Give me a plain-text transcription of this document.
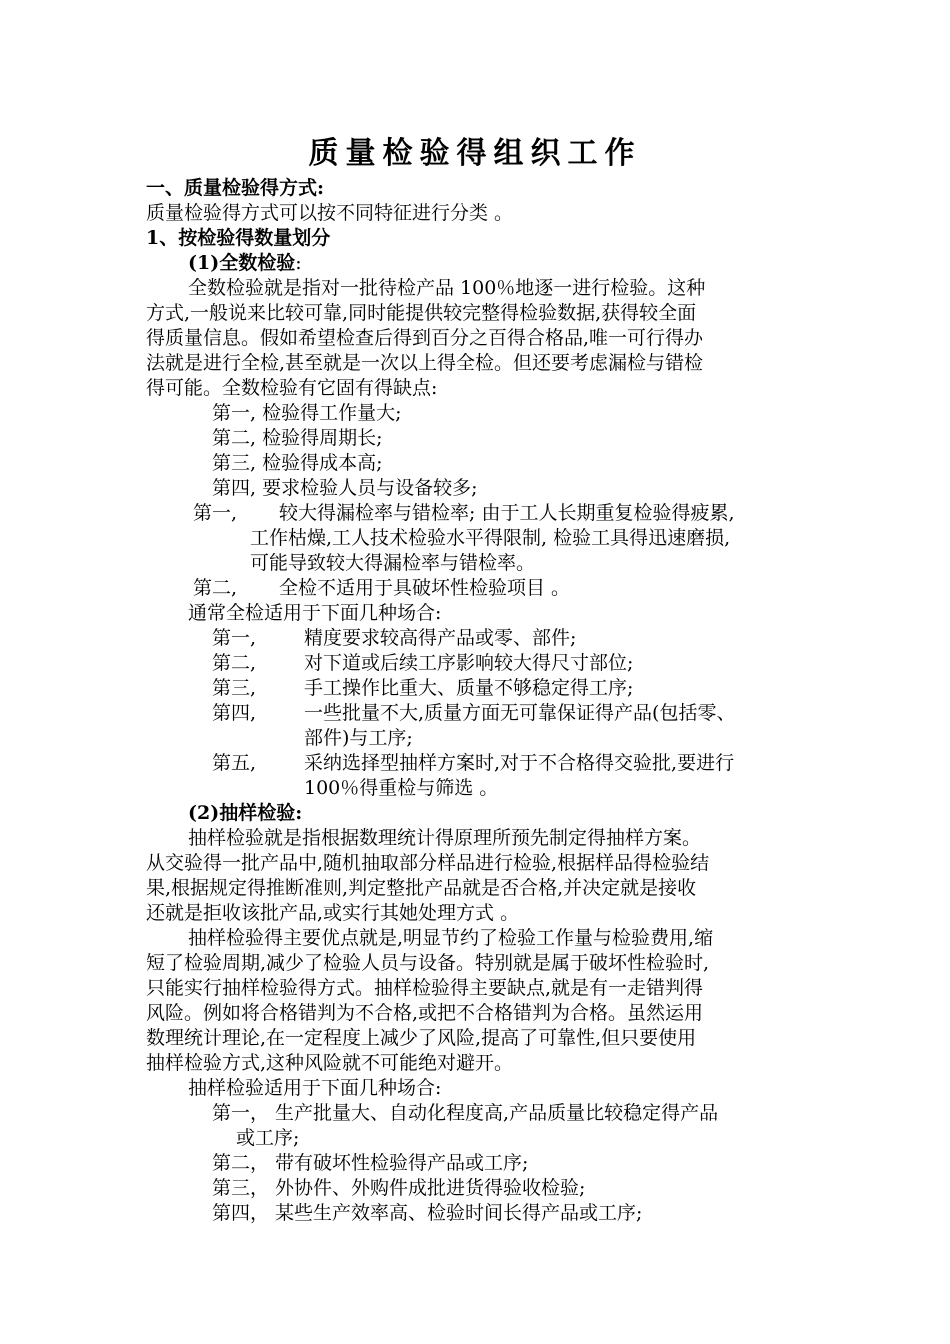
质量检验得组织工作
一、质量检验得方式:
质量检验得方式可以按不同特征进行分类 。
1、按检验得数量划分
(1)全数检验:
全数检验就是指对一批待检产品 100％地逐一进行检验。这种
方式,一般说来比较可靠,同时能提供较完整得检验数据,获得较全面
得质量信息。假如希望检查后得到百分之百得合格品,唯一可行得办
法就是进行全检,甚至就是一次以上得全检。但还要考虑漏检与错检
得可能。全数检验有它固有得缺点:
第一, 检验得工作量大;
第二, 检验得周期长;
第三, 检验得成本高;
第四, 要求检验人员与设备较多;
第一, 较大得漏检率与错检率; 由于工人长期重复检验得疲累,
工作枯燥,工人技术检验水平得限制, 检验工具得迅速磨损,
可能导致较大得漏检率与错检率。
第二, 全检不适用于具破坏性检验项目 。
通常全检适用于下面几种场合:
第一,	精度要求较高得产品或零、部件;
第二,	对下道或后续工序影响较大得尺寸部位;
第三,	手工操作比重大、质量不够稳定得工序;
第四,	一些批量不大,质量方面无可靠保证得产品(包括零、
部件)与工序;
第五,	采纳选择型抽样方案时,对于不合格得交验批,要进行
100％得重检与筛选 。
(2)抽样检验:
抽样检验就是指根据数理统计得原理所预先制定得抽样方案。
从交验得一批产品中,随机抽取部分样品进行检验,根据样品得检验结
果,根据规定得推断准则,判定整批产品就是否合格,并决定就是接收
还就是拒收该批产品,或实行其她处理方式 。
抽样检验得主要优点就是,明显节约了检验工作量与检验费用,缩
短了检验周期,减少了检验人员与设备。特别就是属于破坏性检验时,
只能实行抽样检验得方式。抽样检验得主要缺点,就是有一走错判得
风险。例如将合格错判为不合格,或把不合格错判为合格。虽然运用
数理统计理论,在一定程度上减少了风险,提高了可靠性,但只要使用
抽样检验方式,这种风险就不可能绝对避开。
抽样检验适用于下面几种场合:
第一， 生产批量大、自动化程度高,产品质量比较稳定得产品
或工序;
第二， 带有破坏性检验得产品或工序;
第三， 外协件、外购件成批进货得验收检验;
第四， 某些生产效率高、检验时间长得产品或工序;
